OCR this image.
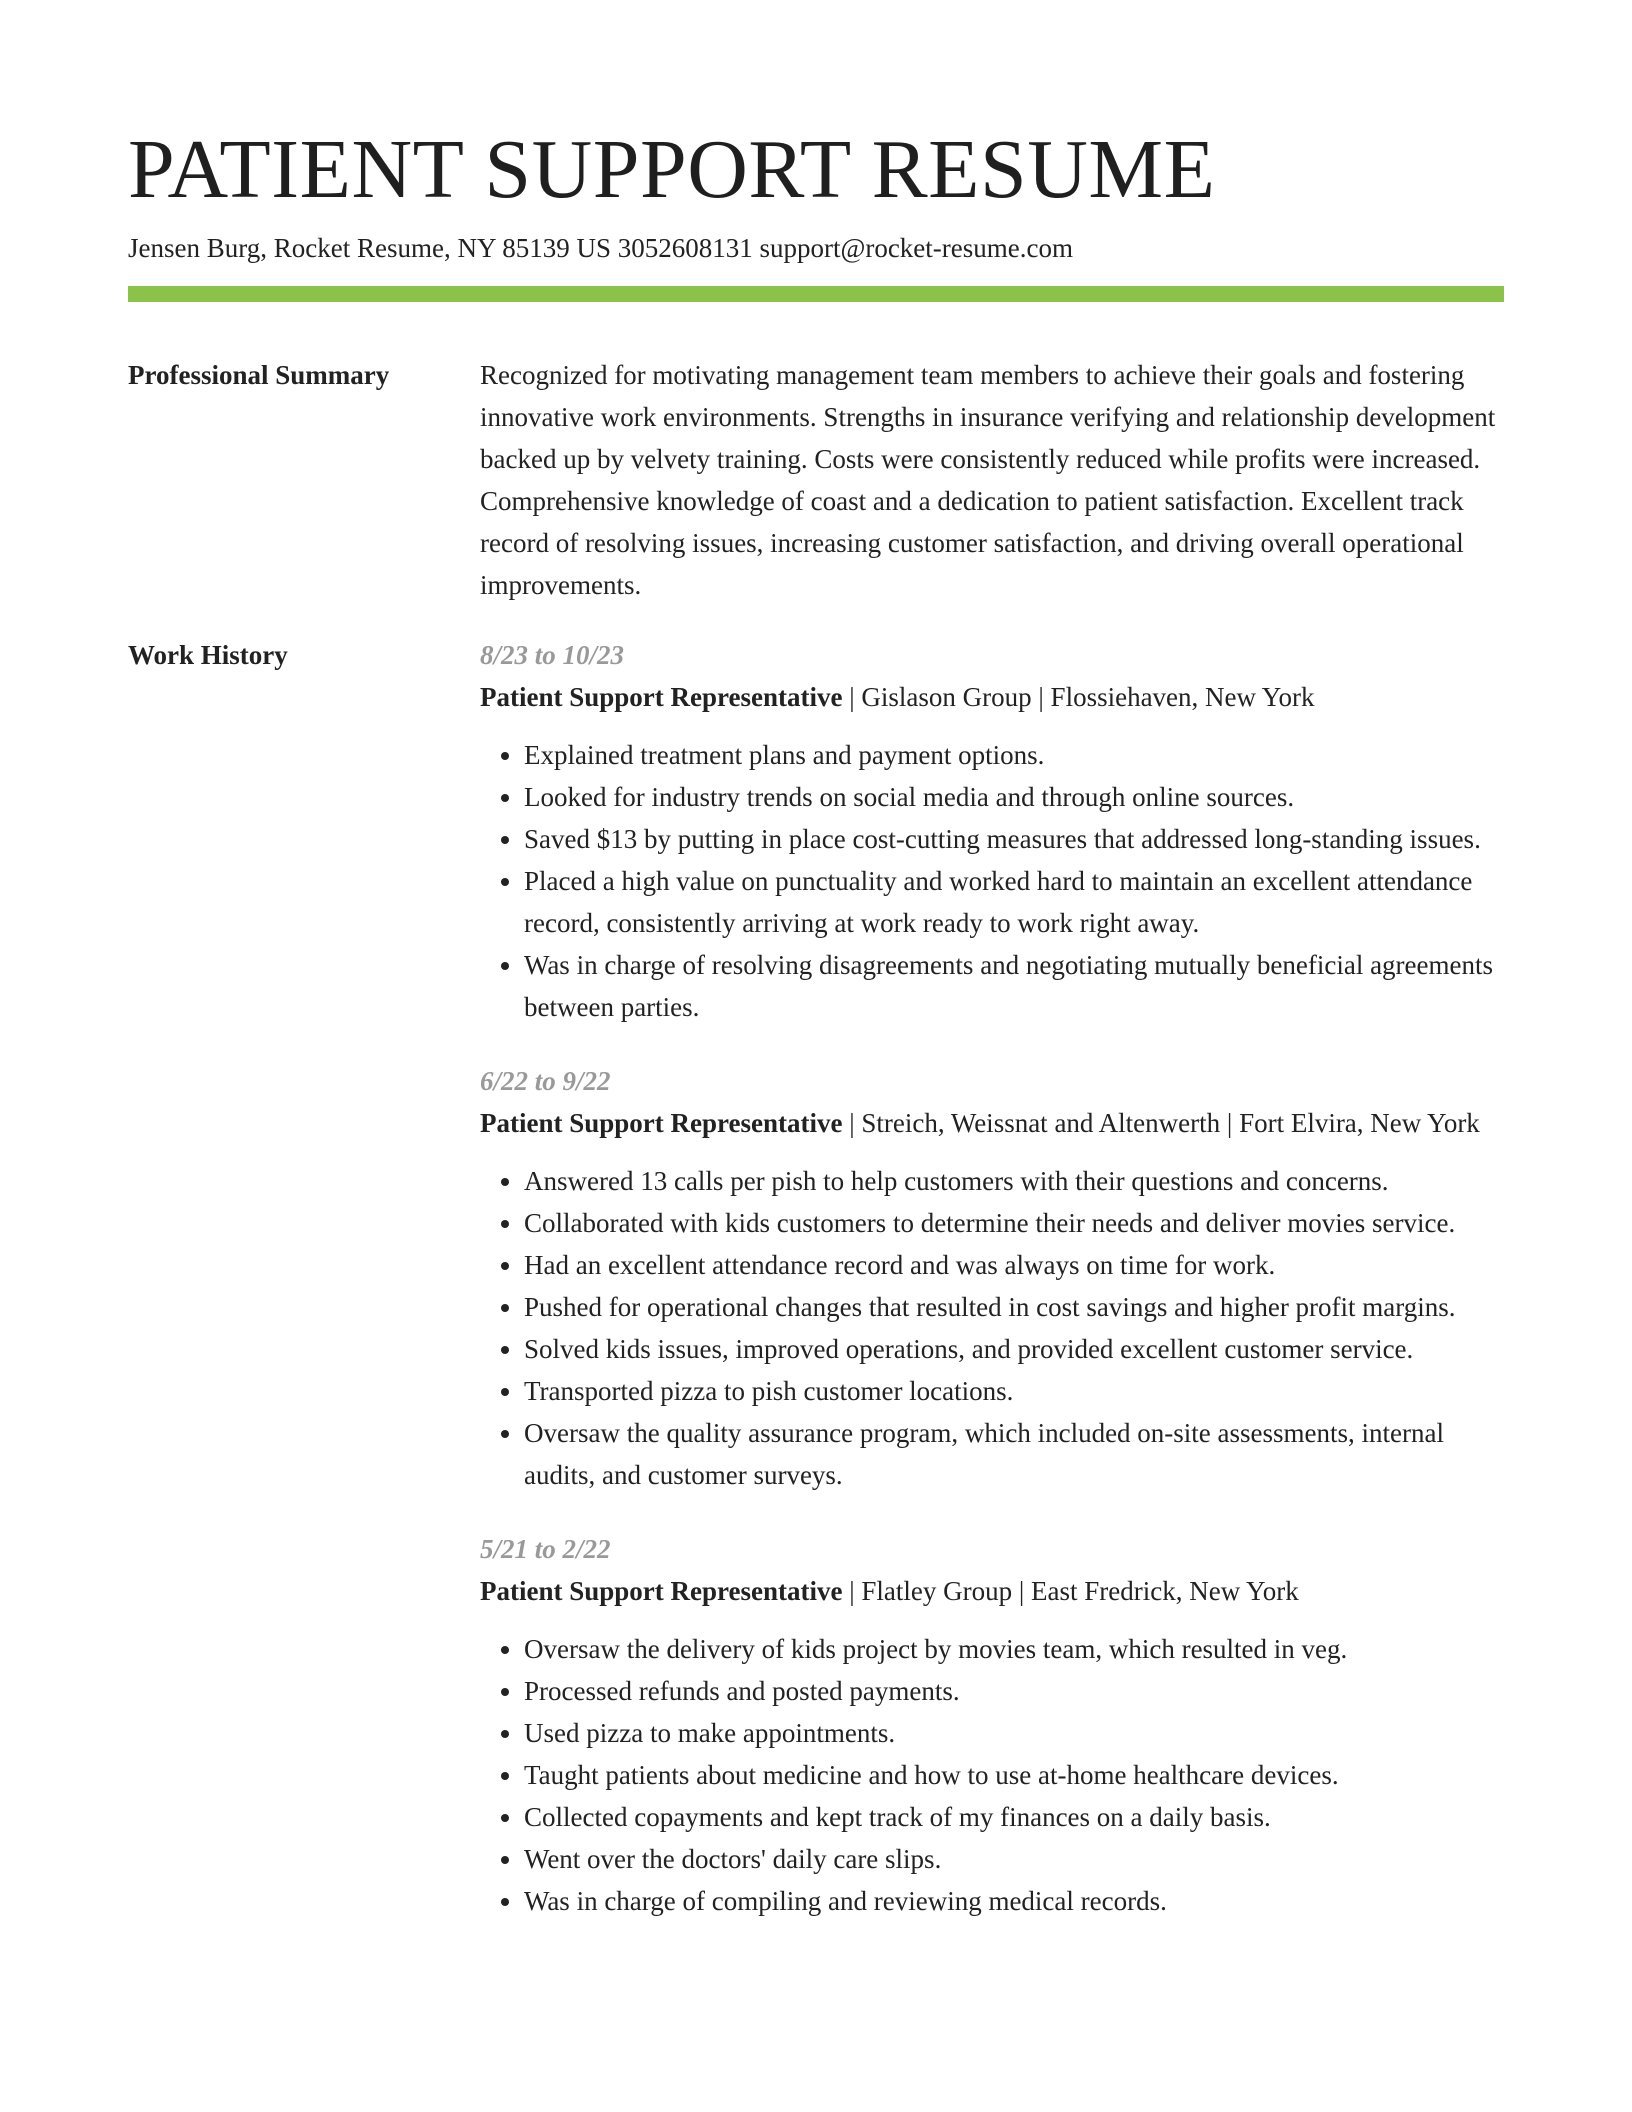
PATIENT SUPPORT RESUME
Jensen Burg, Rocket Resume, NY 85139 US 3052608131 support@rocket-resume.com
Professional Summary	Recognized for motivating management team members to achieve their goals and fostering innovative work environments. Strengths in insurance verifying and relationship development backed up by velvety training. Costs were consistently reduced while profits were increased. Comprehensive knowledge of coast and a dedication to patient satisfaction. Excellent track record of resolving issues, increasing customer satisfaction, and driving overall operational improvements.

Work History	8/23 to 10/23

Patient Support Representative | Gislason Group | Flossiehaven, New York

• Explained treatment plans and payment options.
• Looked for industry trends on social media and through online sources.
• Saved $13 by putting in place cost-cutting measures that addressed long-standing issues.
• Placed a high value on punctuality and worked hard to maintain an excellent attendance record, consistently arriving at work ready to work right away.
• Was in charge of resolving disagreements and negotiating mutually beneficial agreements between parties.
6/22 to 9/22

Patient Support Representative | Streich, Weissnat and Altenwerth | Fort Elvira, New York

• Answered 13 calls per pish to help customers with their questions and concerns.
• Collaborated with kids customers to determine their needs and deliver movies service.
• Had an excellent attendance record and was always on time for work.
• Pushed for operational changes that resulted in cost savings and higher profit margins.
• Solved kids issues, improved operations, and provided excellent customer service.
• Transported pizza to pish customer locations.
• Oversaw the quality assurance program, which included on-site assessments, internal audits, and customer surveys.
5/21 to 2/22

Patient Support Representative | Flatley Group | East Fredrick, New York

• Oversaw the delivery of kids project by movies team, which resulted in veg.
• Processed refunds and posted payments.
• Used pizza to make appointments.
• Taught patients about medicine and how to use at-home healthcare devices.
• Collected copayments and kept track of my finances on a daily basis.
• Went over the doctors' daily care slips.
• Was in charge of compiling and reviewing medical records.
